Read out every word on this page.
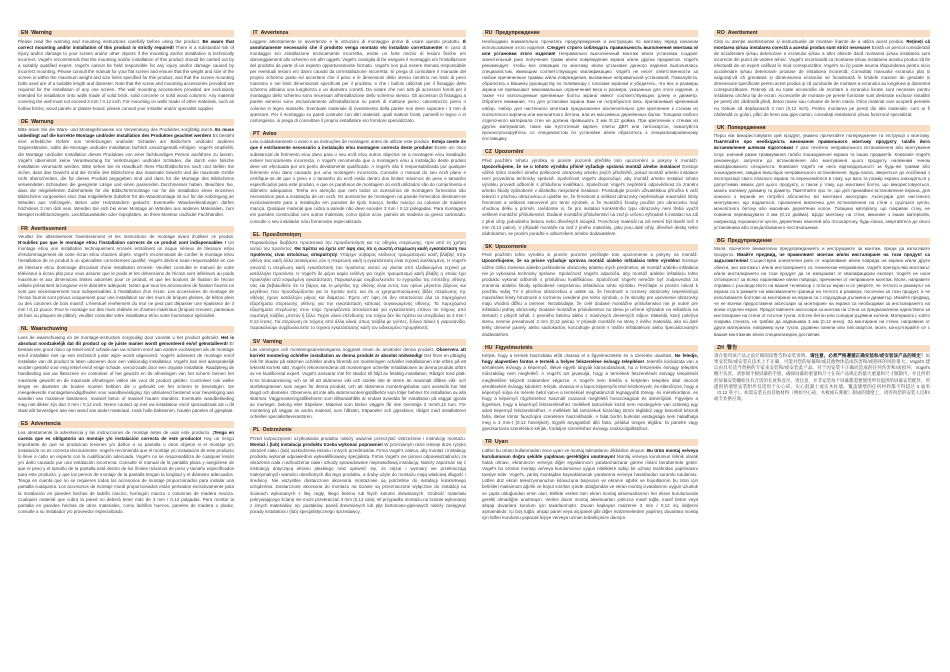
EN Warning
Please read the warning and mounting instructions carefully before using the product. Be aware that correct mounting and/or installation of this product is strictly required! There is a substantial risk of injury and/or damage to your screen and/or other objects if the mounting and/or installation is technically incorrect. Vogel's recommends that the mounting and/or installation of this product should be carried out by a suitably qualified expert. Vogel's cannot be held responsible for any injury and/or damage caused by incorrect mounting. Please consult the manual for your flat screen and ensure that the weight and size of the screen is within the maximum weight and size limits specified for this product, and that the screen mounting bolts used are of a suitable length and diameter. Note that the screw and mounting accessories provided are required for the installation of any one screen. The wall mounting accessories provided are exclusively intended for installation onto walls made of solid brick, solid concrete or solid wood columns. Any material covering the wall must not exceed 3 mm / 0.12 inch. For mounting on walls made of other materials, such as hollow bricks, wood panels or plaster-board, please consult your installer and/or specialist supplier.
DE Warnung
Bitte lesen Sie die Warn- und Montagehinweise vor Verwendung des Produktes sorgfältig durch. Es muss unbedingt auf die korrekte Montage und/oder Installation des Produktes geachtet werden! Es besteht eine erhebliche Gefahr von Verletzungen und/oder Schäden am Bildschirm und/oder anderen Gegenständen, sollte die Montage und/oder Installation fachlich unsachgemäß erfolgen. Vogel's empfiehlt, die Montage und/oder Installation dieses Produktes von einer fachkundigen Person ausführen zu lassen. Vogel's übernimmt keine Verantwortung für Verletzungen und/oder Schäden, die durch eine falsche Installation verursacht werden. Bitte sehen Sie im Handbuch Ihres Flachbildschirms nach und stellen Sie sicher, dass das Gewicht und die Größe des Bildschirms das maximale Gewicht und die maximale Größe nicht überschreiten, die für dieses Produkt angegeben sind und dass für die Montage des Bildschirms verwendeten Schrauben die geeignete Länge und einen passenden Durchmesser haben. Beachten Sie, dass die mitgelieferten Zubehörteile für die Bildschirmmontage nur für die Installation eines einzelnen Bildschirms vorgesehen sind. Das mitgelieferte Zubehör für die Wandmontage ist nur für die Anbringung an Wänden aus Vollziegeln, Beton oder Holzständern gedacht. Eventuelle Wandverkleidungen dürfen höchstens 3 mm dick sein. Wenden Sie sich bei einer Montage an Wänden aus anderen Materialien, zum Beispiel Hohlblockziegeln, Leichtbauwänden oder Gipsplatten, an Ihren Monteur und/oder Fachhändler.
FR Avertissement
Veuillez lire attentivement l'avertissement et les instructions de montage avant d'utiliser ce produit. N'oubliez pas que le montage et/ou l'installation corrects de ce produit sont indispensables ! Un montage et/ou une installation techniquement erronés entraînent un risque sérieux de blessure et/ou d'endommagement de votre écran et/ou d'autres objets. Vogel's recommande de confier le montage et/ou l'installation de ce produit à un spécialiste correctement qualifié. Vogel's décline toute responsabilité en cas de blessure et/ou dommage découlant d'une installation erronée. Veuillez consulter le manuel de votre téléviseur à écran plat pour vous assurer que le poids et les dimensions de l'écran sont inférieurs au poids maximum et aux dimensions limites autorisés pour ce produit, et que les boulons de fixation de l'écran utilisés présentent la longueur et le diamètre adéquats. Notez que tous les accessoires de fixation fournis ne sont pas nécessairement tous indispensables à l'installation d'un écran. Les accessoires de montage de l'écran fournis sont prévus uniquement pour une installation sur des murs de briques pleines, de béton plein ou des colonnes de bois massif. L'éventuel revêtement du mur ne peut pas dépasser une épaisseur de 3 mm / 0,12 pouce. Pour le montage sur des murs réalisés en d'autres matériaux (briques creuses, panneaux de bois ou plaques de plâtre), veuillez consulter votre installateur et/ou votre fournisseur spécialisé.
NL Waarschuwing
Lees de waarschuwing en de montage-instructies zorgvuldig door voordat u het product gebruikt. Het is absoluut noodzakelijk dat dit product op de juiste manier wordt gemonteerd en/of geïnstalleerd! Er bestaat een groot risico op letsel en/of schade aan uw scherm en/of aan andere voorwerpen als de montage en/of installatie niet op een technisch juiste wijze wordt uitgevoerd. Vogel's adviseert de montage en/of installatie van dit product te laten uitvoeren door een vakkundig installateur. Vogel's kan niet aansprakelijk worden gesteld voor enig letsel en/of enige schade, veroorzaakt door een onjuiste installatie. Raadpleeg de handleiding van uw flatscreen en controleer of het gewicht en de afmetingen van het scherm binnen het maximale gewicht en de maximale afmetingen vallen die voor dit product gelden. Controleer ook welke lengte en diameter de bouten moeten hebben die u gebruikt om het scherm te bevestigen. De meegeleverde montagebenodigdheden voor wandbevestiging zijn uitsluitend bestemd voor bevestiging aan wanden van massieve bakstenen, massief beton of massief houten standers. Eventuele wandbekleding mag niet dikker zijn dan 3 mm / 0,12 inch. Neem contact op met uw installateur en/of speciaalzaak als u dit staal wilt bevestigen aan een wand van ander materiaal, zoals holle bakstenen, houten panelen of gipsplaat.
ES Advertencia
Lea atentamente la advertencia y las instrucciones de montaje antes de usar este producto. ¡Tenga en cuenta que es obligatorio un montaje y/o instalación correcta de este producto! Hay un riesgo importante de que se produzcan lesiones y/o daños a su pantalla u otros objetos si el montaje y/o instalación no es correcta técnicamente. Vogel's recomienda que el montaje y/o instalación de este producto lo lleve a cabo un experto con la cualificación adecuada. Vogel's no se responsabiliza de cualquier lesión y/o daño causado por una instalación incorrecta. Consulte el manual de la pantalla plana y asegúrese de que el peso y el tamaño de la pantalla está dentro de los límites máximos de peso y tamaño especificados para este producto, y que los pernos de montaje de la pantalla tengan la longitud y el diámetro adecuados. Tenga en cuenta que no se requieren todos los accesorios de montaje proporcionados para instalar una pantalla cualquiera. Los accesorios de montaje mural proporcionados están pensados exclusivamente para la instalación en paredes hechas de ladrillo macizo, hormigón macizo o columnas de madera maciza. Cualquier material que cubra la pared no deberá tener más de 3 mm / 0,12 pulgadas. Para montar la pantalla en paredes hechas de otros materiales, como ladrillos huecos, paneles de madera o pladur, consulte a su instalador y/o proveedor especializado.
IT Avvertenza
Leggere attentamente le avvertenze e le istruzioni di montaggio prima di usare questo prodotto. È assolutamente necessario che il prodotto venga montato e/o installato correttamente! In caso di montaggio e/o installazione tecnicamente incorretta, esiste un forte rischio di lesioni fisiche e/o danneggiamenti allo schermo e/o altri oggetti. Vogel's consiglia di far eseguire il montaggio e/o l'installazione del prodotto da parte di un esperto opportunamente formato. Vogel's non può essere ritenuta responsabile per eventuali lesioni e/o danni causati da un'installazione incorretta. Si prega di consultare il manuale del proprio schermo piatto ed accertarsi che il peso e le dimensioni dello stesso rientrino nei limiti di peso massimo e nei limiti dimensionali specificati per il prodotto, e che i bulloni utilizzati per il fissaggio dello schermo abbiano una lunghezza e un diametro corretti. Da notare che non tutti gli accessori forniti per il montaggio dello schermo sono necessari all'installazione dello schermo stesso. Gli accessori di fissaggio a parete annessi sono esclusivamente all'installazione su pareti di mattone pieno, calcestruzzo pieno o colonne in legno massello. Eventuale materiale di rivestimento della parete non deve superare i 3 mm di spessore. Per il montaggio su pareti costruite con altri materiali, quali mattoni forati, pannelli in legno o in cartongesso, si prega di consultare il proprio installatore e/o fornitore specializzato.
PT Aviso
Leia cuidadosamente o aviso e as instruções de montagem antes de utilizar este produto. Esteja ciente de que é estritamente necessário a instalação e/ou montagem correcta deste produto! Existe um risco substancial de ferimento e/ou dano para o seu ecrã e/ou outros objectos se a montagem e/ou instalação estiver tecnicamente incorrecta. A Vogel's recomenda que a montagem e/ou a instalação deste produto deve ser efectuada por um perito devidamente qualificado. A Vogel's não é responsabilizada por qualquer ferimento e/ou dano causado por uma montagem incorrecta. Consulte o manual do seu ecrã plano e certifique-se de que o peso e o tamanho do ecrã estão dentro dos limites máximos de peso e tamanho especificados para este produto, e que os parafusos de montagem do ecrã utilizados são do comprimento e diâmetro adequados. Tenha em atenção que nem todos os acessórios de montagem fornecidos são necessários para a instalação de um ecrã. Os acessórios de montagem na parede fornecidos destinam-se exclusivamente para a instalação em paredes de tijolo maciço, betão maciço ou colunas de madeira maciça. Qualquer material que cubra a parede não deve exceder 3 mm / 0,12 polegadas. Para montagem em paredes construídas com outros materiais, como tijolos ocos, painéis de madeira ou gesso cartonado, consulte o seu instalador e/ou fornecedor especializado.
EL Προειδοποίηση
Παρακαλούμε διαβάστε προσεκτικά την προειδοποίηση και τις οδηγίες στερέωσης, πριν από τη χρήση αυτού του προϊόντος. Θα πρέπει να έχετε υπ' όψη σας ότι η σωστή στερέωση και/ή εγκατάσταση του προϊόντος είναι απολύτως απαραίτητη! Υπάρχει σοβαρός κίνδυνος τραυματισμού και/ή βλάβης στην οθόνη σας και/ή άλλα αντικείμενα, εάν η στερέωση και/ή η εγκατάσταση είναι τεχνικά λανθασμένη. Η Vogel's συνιστά η στερέωση και/ή εγκατάσταση του προϊόντος αυτού να γίνεται από εξειδικευμένο τεχνικό με κατάλληλα προσόντα. Η Vogel's δε φέρει καμία ευθύνη για τυχόν τραυματισμό και/ή βλάβη η οποία έχει προκληθεί από εσφαλμένη εγκατάσταση. Παρακαλούμε συμβουλευτείτε το εγχειρίδιο της επίπεδης οθόνης σας και βεβαιωθείτε ότι το βάρος και το μέγεθος της οθόνης είναι εντός των ορίων μέγιστου βάρους και μεγέθους που προσδιορίζονται για το προϊόν αυτό, και ότι οι χρησιμοποιούμενες βίδες στερέωσης της οθόνης έχουν κατάλληλο μήκος και διάμετρο. Έχετε υπ' όψη ότι δεν απαιτούνται όλα τα παρεχόμενα εξαρτήματα στερέωσης οθόνης για την εγκατάσταση κάποιας συγκεκριμένης οθόνης. Τα παρεχόμενα εξαρτήματα στερέωσης στον τοίχο προορίζονται αποκλειστικά για εγκατάσταση επάνω σε τοίχους από συμπαγή τούβλα, μπετόν ή ξύλο. Τυχόν υλικό επένδυσης του τοίχου δεν θα πρέπει να υπερβαίνει τα 3 mm / 0,12 ίντσες. Για στερέωση σε τοίχους από άλλα υλικά, όπως τούβλα με τρύπες, ξύλινα πάνελ ή γυψοσανίδα, παρακαλούμε συμβουλευτείτε το τεχνικό εγκατάστασης και/ή τον ειδικευμένο προμηθευτή.
SV Varning
Läs varningen och monteringsanvisningarna noggrant innan du använder denna produkt. Observera att korrekt montering och/eller installation av denna produkt är absolut nödvändig! Det finns en påtaglig risk för skador på skärmen och/eller andra föremål om monteringen och/eller installationen inte utförs på ett tekniskt korrekt sätt. Vogel's rekommenderar att monteringen och/eller installationen av denna produkt utförs av en kvalificerad expert. Vogel's ansvarar inte för skador till följd av felaktig installation. Rådgör med platt-tv:ns bruksanvisning och se till att skärmens vikt och storlek inte är större än maximalt tillåten vikt- och storleksgränsen som anges för denna produkt, och att skärmens monteringsbultar som används har rätt längd och diameter. Observera att inte alla skärmmonteringstillbehör som följer behövs för installation av alla skärmar. Väggmonteringstillbehören som tillhandahålls är endast avsedda för installation på väggar gjorda av murtegel, betong eller träpelare. Material som täcker väggen får inte överstiga 3 mm/0,12 tum. För montering på väggar av andra material, som hålsten, träpaneler och gipsskivor, rådgör med installatören och/eller specialistleverantören.
PL Ostrzeżenie
Przed rozpoczęciem użytkowania produktu należy uważnie przeczytać ostrzeżenie i instrukcję montażu. Montaż i (lub) instalacja produktu trzeba wykonać poprawnie! W przeciwnym razie istnieje duże ryzyko obrażeń ciała i (lub) uszkodzenia ekranu i innych przedmiotów. Firma Vogel's zaleca, aby montaż i instalację produktu wykonał odpowiednio wykwalifikowany specjalista. Firma Vogel's nie ponosi odpowiedzialności za obrażenia ciała i uszkodzenia ciała i szkody spowodowane nieprawidłową instalacją. Należy zapoznać się z instrukcją dotyczącą ekranu płaskiego oraz upewnić się, że ciężar i wymiary nie przekraczają maksymalnych wartości określonych dla tego produktu, a śruby użyte do montażu mają właściwą długość i średnicę. Nie wszystkie dostarczone akcesoria montażowe są potrzebne do instalacji konkretnego urządzenia. Dostarczone akcesoria do montażu na ścianie są przeznaczone wyłącznie do instalacji na ścianach wykonanych z litej cegły, litego betonu lub litych kolumn drewnianych. Grubość materiału pokrywającego ścianę nie może przekraczać 3 mm (0,12 cala). W przypadku montażu na ścianie wykonanej z innych materiałów, np. pustaków, paneli drewnianych lub płyt kartonowo-gipsowych należy zasięgnąć porady instalatora i (lub) specjalistycznego sprzedawcy.
RU Предупреждение
Необходимо внимательно прочитать предупреждения и инструкции по монтажу перед началом использования этого изделия. Следует строго соблюдать правильность выполнения монтажа и/или установки этого изделия! Неправильно выполненный монтаж и/или установка создают значительный риск получения травм и/или повреждения экрана и/или других предметов. Vogel's рекомендует, чтобы все операции по монтажу и/или установке данного изделия выполнялись специалистом, имеющим соответствующую квалификацию. Vogel's не несет ответственности за любые причиненные травмы и/или повреждения, вызванные неправильной установкой. Пожалуйста, обратитесь к Вашему руководству по телевизору с плоским экраном и убедитесь, что вес и размеры экрана не превышают максимальных ограничений веса и размера, указанных для этого изделия, а также что используемые крепежные болты экрана имеют соответствующую длину и диаметр. Обратите внимание, что для установки экрана Вам не потребуются весь прилагаемый крепежный набор. Набор для настенного монтажа предназначен исключительно для крепления к стенам из полнотелого кирпича или монолитного бетона, или из массивных деревянных балок. Толщина любого отделочного материала стен не должна превышать 3 мм /0,12 дюйма. При креплении к стенам из других материалов, таких как пустотелый кирпич, плиты ДВП или гипсокартон, пожалуйста проконсультируйтесь со специалистом по установке и/или обратитесь к специализированному поставщику.
CZ Upozornění
Před použitím tohoto výrobku si prosím pozorně přečtěte toto upozornění a pokyny k montáži. Upozorňujeme, že se u tohoto výrobku přísně vyžaduje správná montáž a/nebo instalace! Existuje vážné riziko zranění a/nebo poškození obrazovky a/nebo jiných předmětů, pokud montáž a/nebo instalace není provedena technicky správně. Společnost Vogel's doporučuje, aby montáž a/nebo instalaci tohoto výrobku provedl odborník s příslušnou kvalifikací. Společnost Vogel's nepřebírá odpovědnost za zranění a/nebo škody způsobené v důsledku nesprávné instalace. Prostudujte prosím uživatelskou příručku k vaší televizi s plochou obrazovkou a ujistěte se, že hmotnost a velikost obrazovky nepřesahuje maximální limity hmotnosti a velikosti stanovené pro tento výrobek, a že montážní šrouby použité pro obrazovku mají vhodnou délku a průměr. Uvědomte si, že pro instalaci konkrétního typu obrazovky není třeba využít veškeré montážní příslušenství. Dodané montážní příslušenství na zeď je určeno výhradně k instalaci na zdi z plné cihly, jednolitého betonu nebo dřevěných sloupků. Povrchový materiál na zdi nesmí být tlustší než 3 mm (0,12 palce). V případě montáže na zeď z jiného materiálu, jako jsou duté cihly, dřevěné desky nebo sádrokarton, se prosím poraďte s odborníkem a/nebo dodavatelem.
SK Upozornenie
Pred použitím tohto výrobku si prosím pozorne prečítajte toto upozornenie a pokyny na montáž. Upozorňujeme, že sa prísne vyžaduje správna montáž a/alebo inštalácia tohto výrobku! Existuje vážne riziko zranenia a/alebo poškodenia obrazovky a/alebo iných predmetov, ak montáž a/alebo inštalácia nie je vykonaná technicky správne. Spoločnosť Vogel's odporúča, aby montáž a/alebo inštaláciu tohto produktu vykonal odborník s príslušnou kvalifikáciou. Spoločnosť Vogel's nemôže byť zodpovedná za zranenia a/alebo škody spôsobené nesprávnou inštaláciou tohto výrobku. Prečítajte si prosím návod k použitiu vašej TV s plochou obrazovkou a uistite sa, že hmotnosť a rozmery obrazovky neprekračujú maximálne limity hmotnosti a rozmerov uvedené pre tento výrobok, a že skrutky pre upevnenie obrazovky majú vhodnú dĺžku a priemer. Nezabúdajte, že celé dodané montážne príslušenstvo nie je nutné pre inštaláciu jednej obrazovky. Dodané montážne príslušenstvo na stenu je určené výhradne na inštaláciu na stenách z plných tehál, z pevného betónu alebo z masívnych drevených stĺpov. Materiál, ktorý pokrýva stenu, nesmie presahovať 3 mm (0,12 palca). V prípade montáže na steny z iného materiálu, ako sú duté tehly, drevené panely, alebo sadrokartón, konzultujte prosím s Vaším inštalatérom alebo špecializovaným dodávateľom.
HU Figyelmeztetés
Kérjük, hogy a termék használata előtt olvassa el a figyelmeztetést és a szerelési utasítást. Ne feledje, hogy alapvetően fontos e termék a helyes felszerelése és/vagy telepítése! Jelentős kockázata van a sérülésnek és/vagy a képernyő, illetve egyéb tárgyak károsodásának, ha a felszerelés és/vagy telepítés műszakilag nem megfelelő. A Vogel's azt javasolja, hogy a termékek felszerelését és/vagy telepítését megfelelően képzett szakember végezze. A Vogel's nem felelős a helytelen telepítés által okozott sérülésekért és/vagy károkért. Kérjük, olvassa el a lapos képernyős tévé kézikönyvét, és ellenőrizze, hogy a képernyő súlya és mérete belül van-e a terméknél meghatározott legnagyobb tömeg- és méretkorláton, és hogy a képernyő rögzítéséhez használt csavarok megfelelő hosszúságúak és átmérőjűek. Figyeljen a figyelmet, hogy a képernyő felszereléséhez mellékelt tartozékok közül nem mindegyikre van szükség egy adott képernyő felszereléséhez. A mellékelt fali tartozékok kizárólag tömör téglából vagy betonból készült falra, illetve tömör faoszlopra szerelésre használhatók. A falat borító burkolat vastagsága nem haladhatja meg a 3 mm-t (0,12 hüvelyket). Egyéb anyagokból álló falra, például üreges téglára, fa panelre vagy gipszkartonra szereléskor kérjük, forduljon szereléshez és/vagy szakszolgáltatóhoz.
TR Uyarı
Lütfen bu ürünü kullanmadan önce uyarı ve montaj talimatlarını dikkatlice okuyun. Bu ürün montaj ve/veya kurulumunun doğru şekilde yapılması gerektiğini unutmayın! Montaj ve/veya kurulumun teknik olarak hatalı olması, ekranınızın ve/veya diğer eşyalarınızın yaralanma/zarar görme riskini beraberinde getirir. Vogel's bu ürünün montajı ve/veya kurulumunun uygun niteliklere sahip bir uzman tarafından yapılmasını tavsiye eder. Vogel's, yanlış montajdan kaynaklanacak yaralanma ve/veya hasarlardan sorumlu tutulamaz. Lütfen düz ekran televizyonunuzun kılavuzuna başvurun ve ekranın ağırlık ve boyutlarının bu ürün için belirtilen maksimum ağırlık ve boyut sınırları içinde olduğundan ve ekran montaj cıvatalarının uygun uzunluk ve çapta olduğundan emin olun. Birlikte verilen tüm ekran montaj aksesuarlarının her ekran kurulumunda gerekli olmadığını unutmayın. Verilen duvar montaj aksesuarları yalnızca masif tuğla, masif beton veya ahşap duvarlara kurulum için tasarlanmıştır. Duvarı kaplayan malzeme 3 mm / 0,12 inç değerini aşmamalıdır. İçi boş tuğla, ahşap panel veya alçıpanel gibi diğer malzemelerden yapılmış duvarlara montaj için lütfen kurulumu yapacak kişiye ve/veya uzman tedarikçinize danışın.
RO Avertisment
Citiți cu atenție avertismentul și instrucțiunile de montare înainte de a utiliza acest produs. Rețineți că montarea și/sau instalarea corectă a acestui produs sunt strict necesare! Există un pericol considerabil de accidentare și/sau deteriorare a ecranului și/sau a altor obiecte dacă montarea și/sau instalarea sunt incorecte din punct de vedere tehnic. Vogel's recomandă ca montarea și/sau instalarea acestui produs să fie efectuată de un expert calificat în mod corespunzător. Vogel's nu își poate asuma răspunderea pentru nicio accidentare și/sau deteriorare produse de instalarea incorectă. Consultați manualul ecranului plat și asigurați-vă că greutatea și dimensiunea ecranului se încadrează în limitele maxime de greutate și dimensiune specificate pentru acest produs și că șuruburile de montare a ecranului au lungimea și diametrul corespunzătoare. Rețineți că nu toate accesoriile de montare a ecranului livrate sunt necesare pentru instalarea oricărui tip de ecran. Accesoriile de montare pe perete furnizate sunt destinate exclusiv instalării pe pereți din cărămidă plină, beton masiv sau coloane de lemn masiv. Orice material care acoperă peretele nu trebuie să depășească 3 mm (0,12 inch). Pentru montarea pe pereți din alte materiale, cum ar fi cărămidă cu goluri, plăci de lemn sau gips-carton, consultați instalatorul și/sau furnizorul specializat.
UK Попередження
Перш ніж використовувати цей продукт, уважно прочитайте попередження та інструкції з монтажу. Пам'ятайте про необхідність виконання правильного монтажу продукту та/або його встановлення шляхом підготовки! У разі технічно неправильного встановлення або монтування існує значний ризик травмування та/або пошкодження екрана та інших предметів. Компанія Vogel's рекомендує залучати до встановлення або монтування цього продукту належним чином кваліфікованого спеціаліста. Компанія Vogel's не несе відповідальності за будь-які травми або пошкодження, завдані внаслідок неправильного встановлення. Будь-ласка, зверніться до посібника з експлуатації свого плаского екрана та переконайтеся в тому, що вага та розмір екрана знаходяться у допустимих межах для цього продукту, а також у тому, що монтажні болти, що використовуються, мають належну довжину та діаметр. Пам'ятайте про те, що для принаймні встановлення екрана, для кожного з екранів не потрібні абсолютно всі монтажні аксесуари. Аксесуари для настінного монтування, що надаються, призначені виключно для встановлення на стіни з суцільної цегли, монолітного бетону або масивних дерев'яних колон. Товщина матеріалу, що покриває стіну, не повинна перевищувати 3 мм (0,12 дюйма). Щодо монтажу на стіни, виконані з інших матеріалів, наприклад порожнистої цегли, дерев'яних панелей або гіпсокартону, будь-ласка, звертайтеся до свого установника або спеціалізованого постачальника.
BG Предупреждение
Моля, прочетете внимателно предупреждението и инструкциите за монтаж, преди да използвате продукта. Имайте предвид, че правилният монтаж и/или инсталиране на този продукт са задължителни! Съществува значителен риск от нараняване и/или повреда на екрана и/или други обекти, ако монтажът и/или инсталирането са технически неправилни. Vogel's препоръчва монтажът и/или инсталирането на този продукт да се извършват от квалифициран експерт. Vogel's не носи отговорност за всяко нараняване и/или повреда, причинени от неправилен монтаж. Моля, направете справка с ръководството на вашия телевизор с плосък екран и се уверете, че теглото и размерът на екрана са в рамките на максималните граници на теглото и размера, посочени за този продукт, и че използваните болтове за монтиране на екрана са с подходяща дължина и диаметър. Имайте предвид, че не всички предоставени аксесоари за монтиране на екрана са необходими за инсталирането на всеки отделен екран. Предоставените аксесоари за монтаж на стена са предназначени единствено за инсталиране на стени от плътни тухли, плътен бетон или солидни дървени колони. Материалът, който покрива стената, не трябва да надвишава 3 мм (0,12 инча). За монтиране на стени, направени от други материали, например кухи тухли, дървени панели или гипсокартон, моля, консултирайте се с вашия монтажник и/или специализиран доставчик.
ZH 警告
请在使用该产品之前仔细阅读警告和安装说明。请注意，必须严格遵循正确安装和/或安装该产品的规定！如果安装和/或安装在技术上不正确，可能对您的屏幕和/或其他物体造成伤害和/或损坏的风险很大。Vogel's 建议由具有适当资格的专家来安装和/或安装此产品。对于因安装不正确而造成的任何伤害和/或损坏，Vogel's 概不负责。请参阅平板屏幕的手册，确保屏幕的重量和尺寸在该产品规定的最大重量和尺寸限制内，并且所用的屏幕安装螺栓具有合适的长度和直径。请注意，并非安装每个屏幕都需要使用所有提供的屏幕安装配件。所提供的墙壁安装附件仅适用于实心砖、实心混凝土或实木柱墙。覆盖墙壁的任何材料都不得超过 3 毫米（0.12 英寸）。如需安装在由其他材料（例如空心砖、木板或石膏板）制成的墙壁上，请咨询您的安装人员和/或专业供应商。
